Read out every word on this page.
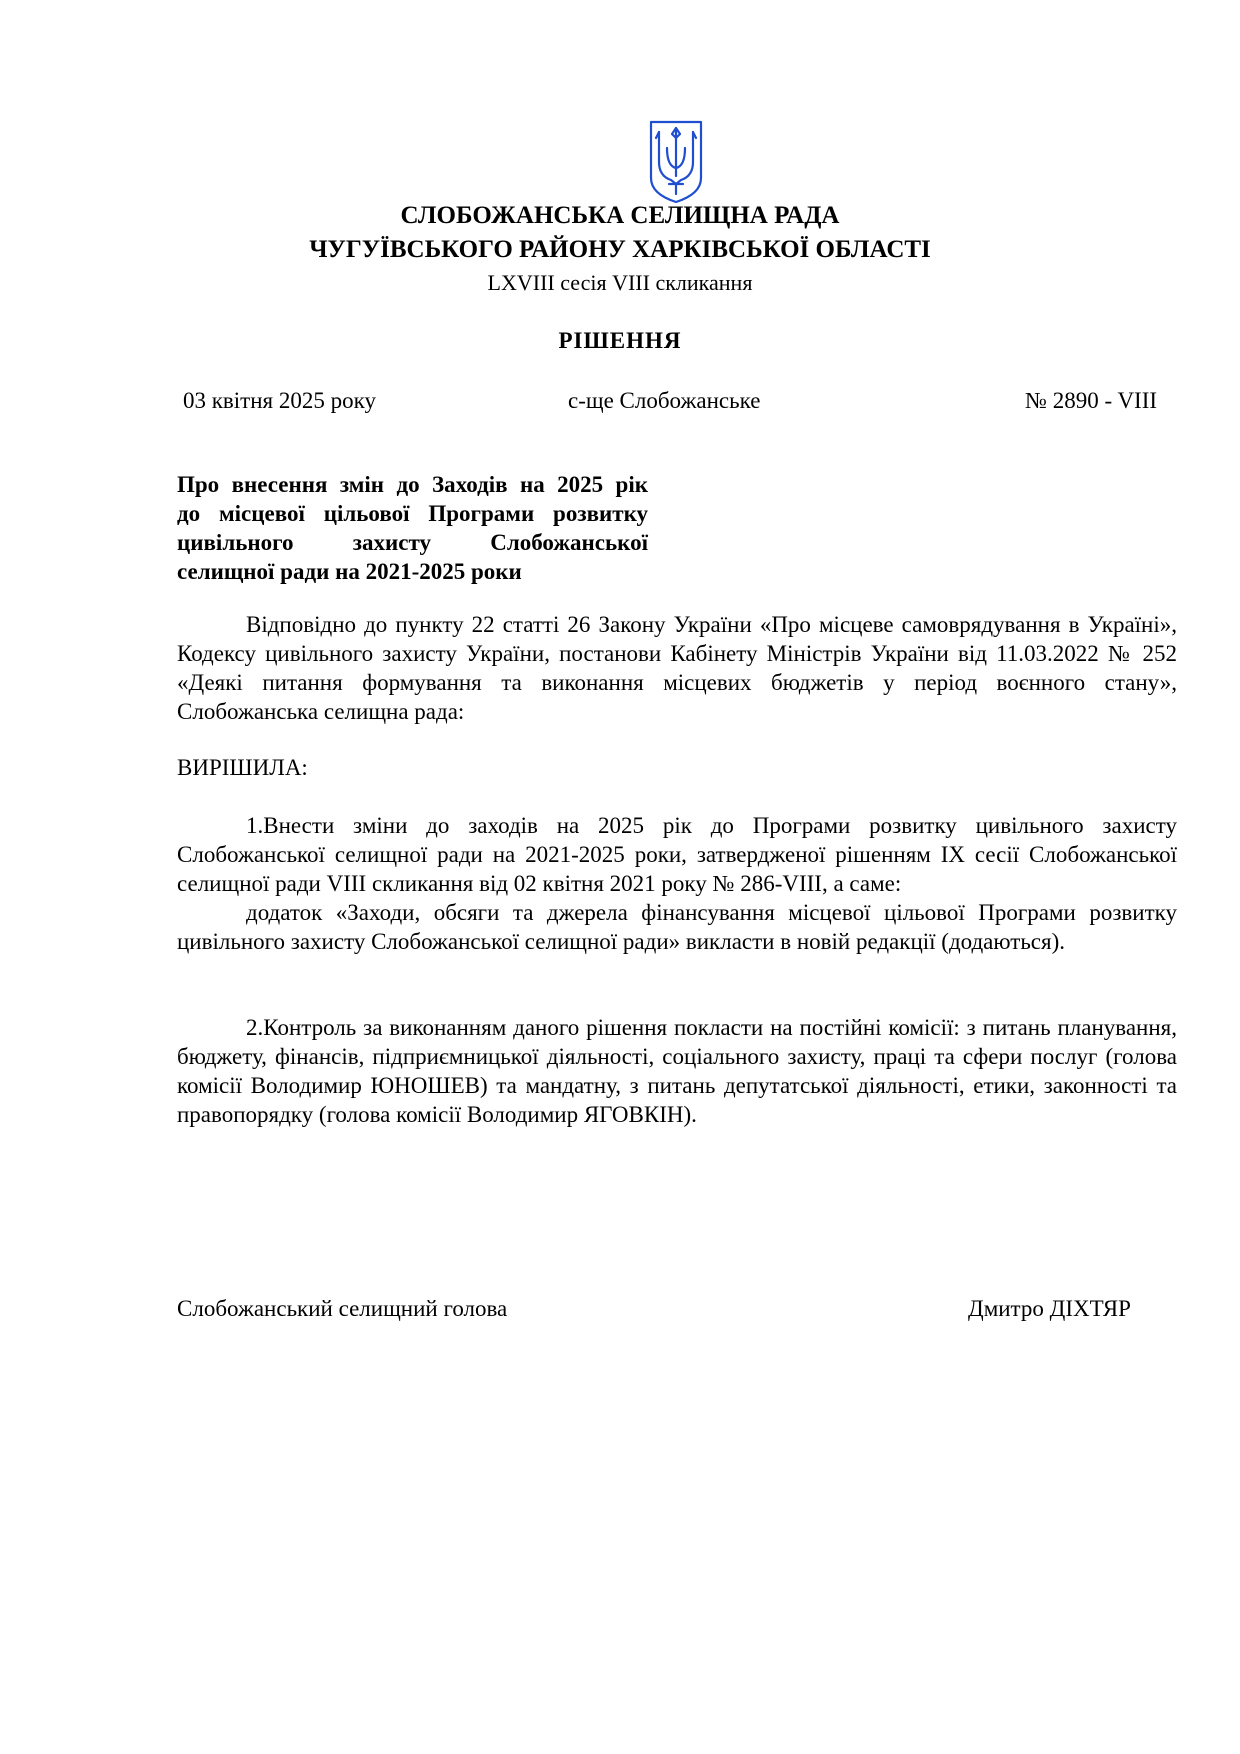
СЛОБОЖАНСЬКА СЕЛИЩНА РАДА
ЧУГУЇВСЬКОГО РАЙОНУ ХАРКІВСЬКОЇ ОБЛАСТІ
LXVIII сесія VIII скликання
РІШЕННЯ
03 квітня 2025 року	с-ще Слобожанське	№ 2890 - VIII
Про внесення змін до Заходів на 2025 рік
до місцевої цільової Програми розвитку
цивільного захисту Слобожанської
селищної ради на 2021-2025 роки
Відповідно до пункту 22 статті 26 Закону України «Про місцеве самоврядування в Україні», Кодексу цивільного захисту України, постанови Кабінету Міністрів України від 11.03.2022 № 252 «Деякі питання формування та виконання місцевих бюджетів у період воєнного стану», Слобожанська селищна рада:
ВИРІШИЛА:
1.Внести зміни до заходів на 2025 рік до Програми розвитку цивільного захисту Слобожанської селищної ради на 2021-2025 роки, затвердженої рішенням IX сесії Слобожанської селищної ради VIII скликання від 02 квітня 2021 року № 286-VIII, а саме:
додаток «Заходи, обсяги та джерела фінансування місцевої цільової Програми розвитку цивільного захисту Слобожанської селищної ради» викласти в новій редакції (додаються).
2.Контроль за виконанням даного рішення покласти на постійні комісії: з питань планування, бюджету, фінансів, підприємницької діяльності, соціального захисту, праці та сфери послуг (голова комісії Володимир ЮНОШЕВ) та мандатну, з питань депутатської діяльності, етики, законності та правопорядку (голова комісії Володимир ЯГОВКІН).
Слобожанський селищний голова	Дмитро ДІХТЯР
